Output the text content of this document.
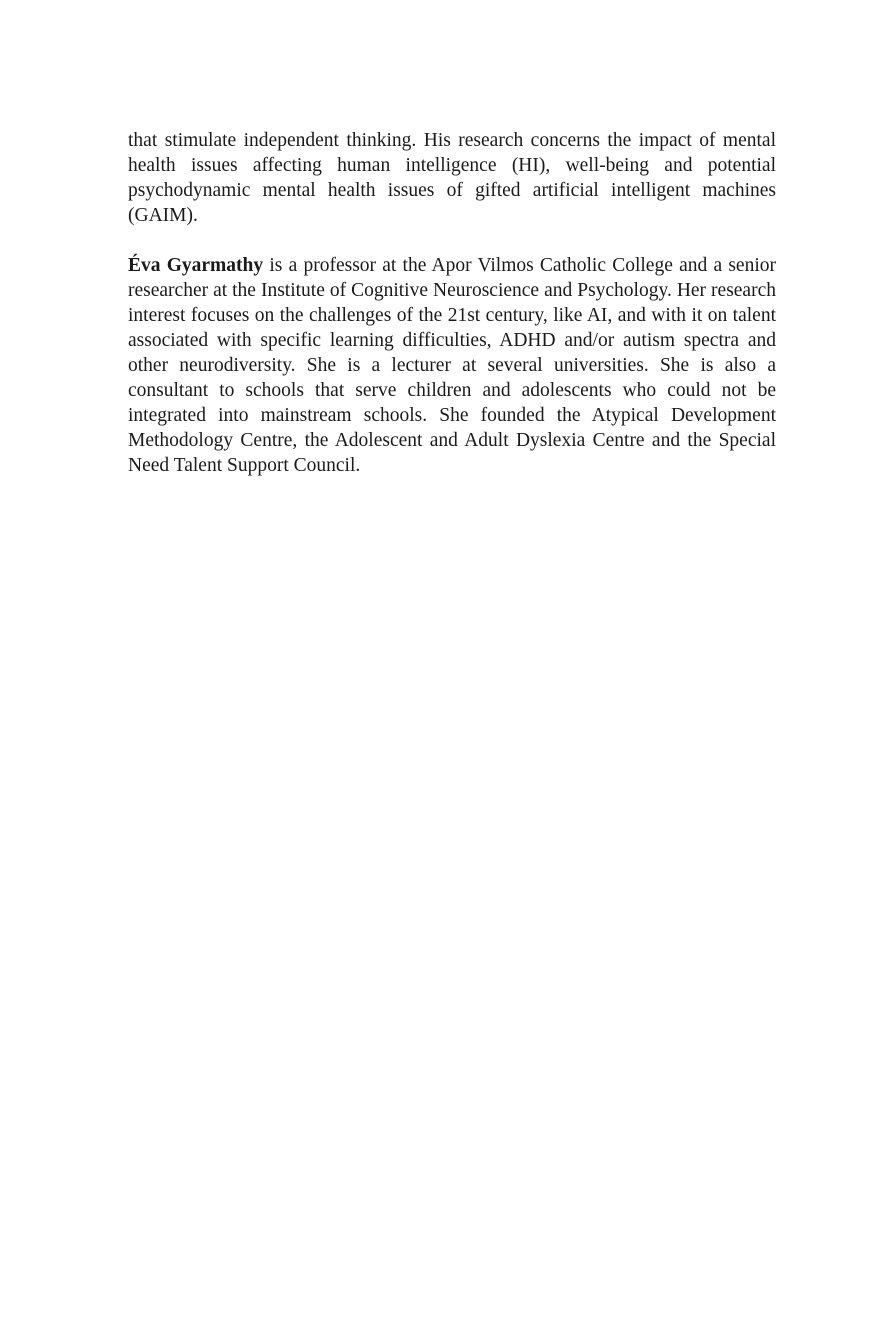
that stimulate independent thinking. His research concerns the impact of mental health issues affecting human intelligence (HI), well-being and potential psychodynamic mental health issues of gifted artificial intelligent machines (GAIM).

Éva Gyarmathy is a professor at the Apor Vilmos Catholic College and a senior researcher at the Institute of Cognitive Neuroscience and Psychology. Her research interest focuses on the challenges of the 21st century, like AI, and with it on talent associated with specific learning difficulties, ADHD and/or autism spectra and other neurodiversity. She is a lecturer at several universities. She is also a consultant to schools that serve children and adolescents who could not be integrated into mainstream schools. She founded the Atypical Development Methodology Centre, the Adolescent and Adult Dyslexia Centre and the Special Need Talent Support Council.
